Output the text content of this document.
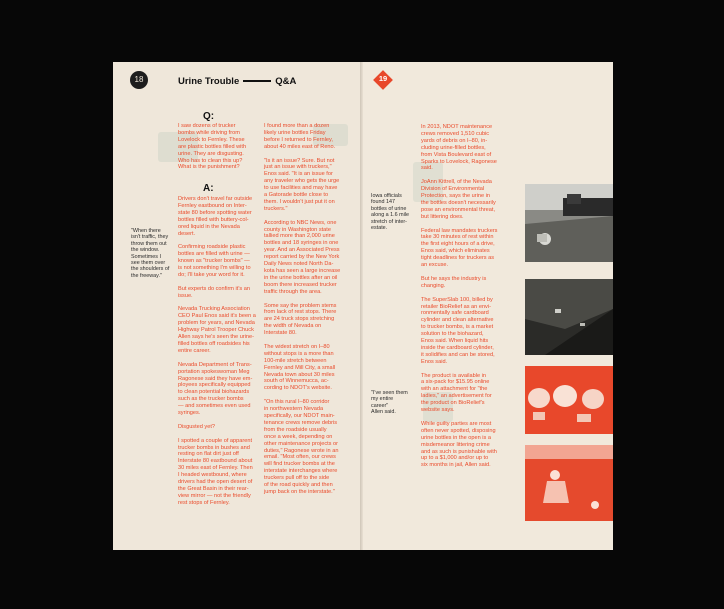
18	Urine Trouble	Q&A
Q:

I saw dozens of trucker
bombs while driving from
Lovelock to Fernley. These
are plastic bottles filled with
urine. They are disgusting.
Who has to clean this up?
What is the punishment?

A:

"When there
isn't traffic, they
throw them out
the window.
Sometimes I
see them over
the shoulders of
the freeway."

Drivers don't travel far outside
Fernley eastbound on Inter-
state 80 before spotting water
bottles filled with buttery-col-
ored liquid in the Nevada
desert.

Confirming roadside plastic
bottles are filled with urine —
known as "trucker bombs" —
is not something I'm willing to
do; I'll take your word for it.

But experts do confirm it's an
issue.

Nevada Trucking Association
CEO Paul Enos said it's been a
problem for years, and Nevada
Highway Patrol Trooper Chuck
Allen says he's seen the urine-
filled bottles off roadsides his
entire career.

Nevada Department of Trans-
portation spokeswoman Meg
Ragonese said they have em-
ployees specifically equipped
to clean potential biohazards
such as the trucker bombs
— and sometimes even used
syringes.

Disgusted yet?

I spotted a couple of apparent
trucker bombs in bushes and
resting on flat dirt just off
Interstate 80 eastbound about
30 miles east of Fernley. Then
I headed westbound, where
drivers had the open desert of
the Great Basin in their rear-
view mirror — not the friendly
rest stops of Fernley.

I found more than a dozen
likely urine bottles Friday
before I returned to Fernley,
about 40 miles east of Reno.

"Is it an issue? Sure. But not
just an issue with truckers,"
Enos said. "It is an issue for
any traveler who gets the urge
to use facilities and may have
a Gatorade bottle close to
them. I wouldn't just put it on
truckers."

According to NBC News, one
county in Washington state
tallied more than 2,000 urine
bottles and 18 syringes in one
year. And an Associated Press
report carried by the New York
Daily News noted North Da-
kota has seen a large increase
in the urine bottles after an oil
boom there increased trucker
traffic through the area.

Some say the problem stems
from lack of rest stops. There
are 24 truck stops stretching
the width of Nevada on
Interstate 80.

The widest stretch on I–80
without stops is a more than
100-mile stretch between
Fernley and Mill City, a small
Nevada town about 30 miles
south of Winnemucca, ac-
cording to NDOT's website.

"On this rural I–80 corridor
in northwestern Nevada
specifically, our NDOT main-
tenance crews remove debris
from the roadside usually
once a week, depending on
other maintenance projects or
duties," Ragonese wrote in an
email. "Most often, our crews
will find trucker bombs at the
interstate interchanges where
truckers pull off to the side
of the road quickly and then
jump back on the interstate."

19

Iowa officials
found 147
bottles of urine
along a 1.6 mile
stretch of inter-
estate.

"I've seen them
my entire
career"
Allen said.

In 2013, NDOT maintenance
crews removed 1,510 cubic
yards of debris on I–80, in-
cluding urine-filled bottles,
from Vista Boulevard east of
Sparks to Lovelock, Ragonese
said.

JoAnn Kittrell, of the Nevada
Division of Environmental
Protection, says the urine in
the bottles doesn't necessarily
pose an environmental threat,
but littering does.

Federal law mandates truckers
take 30 minutes of rest within
the first eight hours of a drive,
Enos said, which eliminates
tight deadlines for truckers as
an excuse.

But he says the industry is
changing.

The SuperSlab 100, billed by
retailer BioRelief as an envi-
ronmentally safe cardboard
cylinder and clean alternative
to trucker bombs, is a market
solution to the biohazard,
Enos said. When liquid hits
inside the cardboard cylinder,
it solidifies and can be stored,
Enos said.

The product is available in
a six-pack for $15.95 online
with an attachment for "the
ladies," an advertisement for
the product on BioRelief's
website says.

While guilty parties are most
often never spotted, disposing
urine bottles in the open is a
misdemeanor littering crime
and as such is punishable with
up to a $1,000 and/or up to
six months in jail, Allen said.
